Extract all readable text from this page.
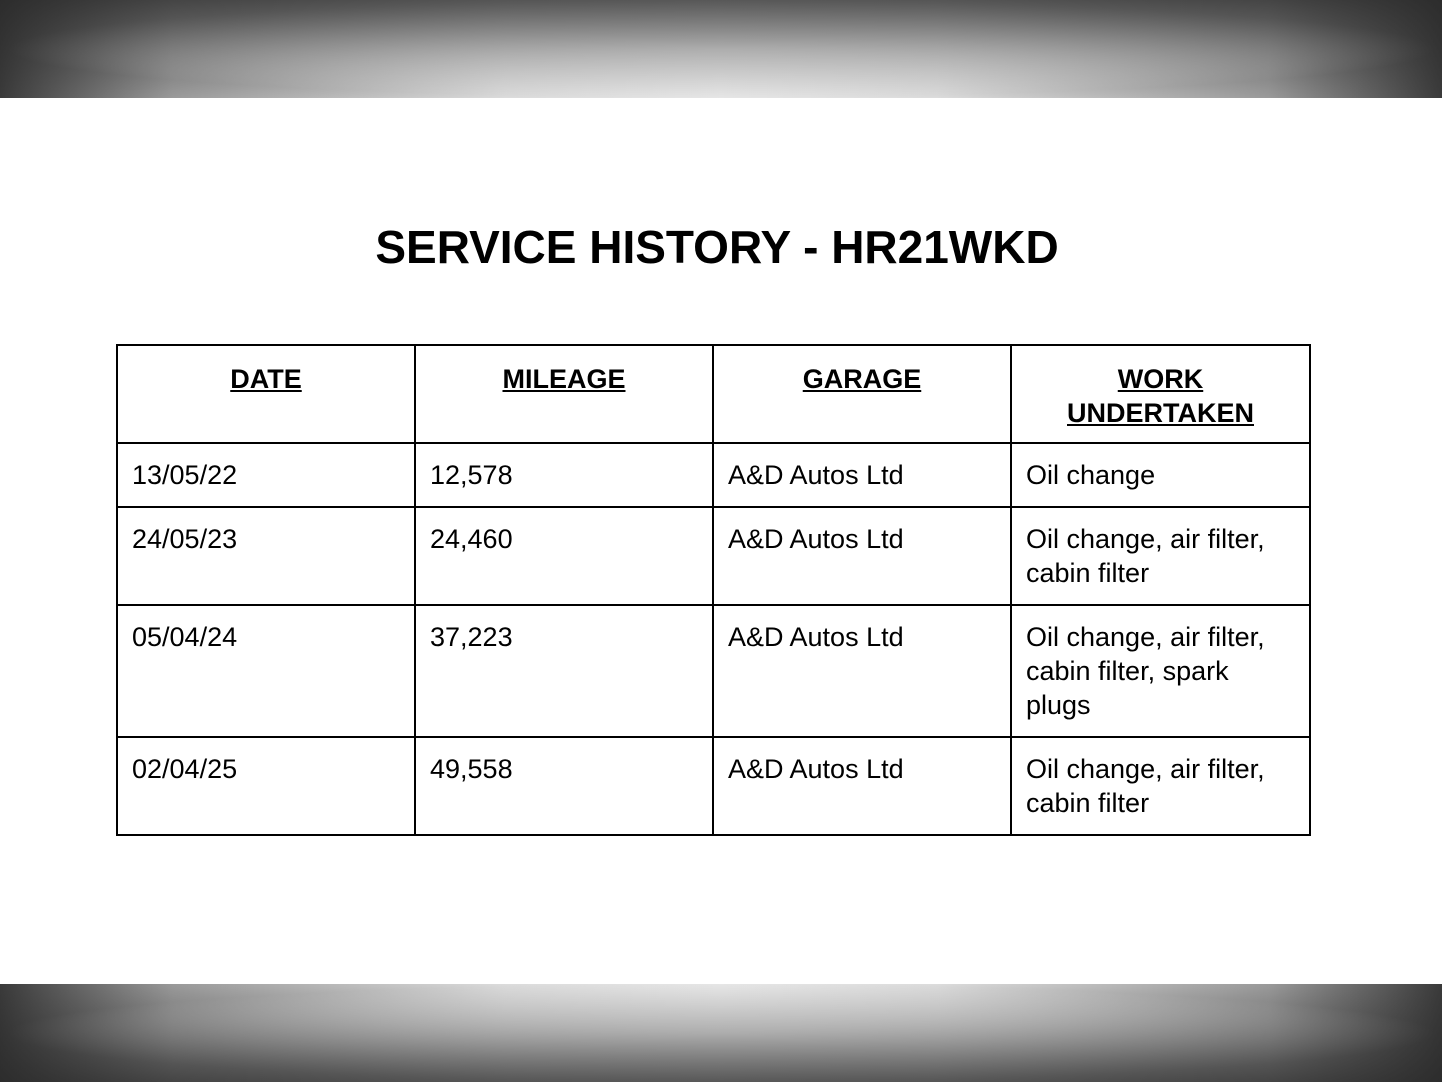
SERVICE HISTORY - HR21WKD
DATE	MILEAGE	GARAGE	WORK UNDERTAKEN
13/05/22	12,578	A&D Autos Ltd	Oil change
24/05/23	24,460	A&D Autos Ltd	Oil change, air filter, cabin filter
05/04/24	37,223	A&D Autos Ltd	Oil change, air filter, cabin filter, spark plugs
02/04/25	49,558	A&D Autos Ltd	Oil change, air filter, cabin filter
